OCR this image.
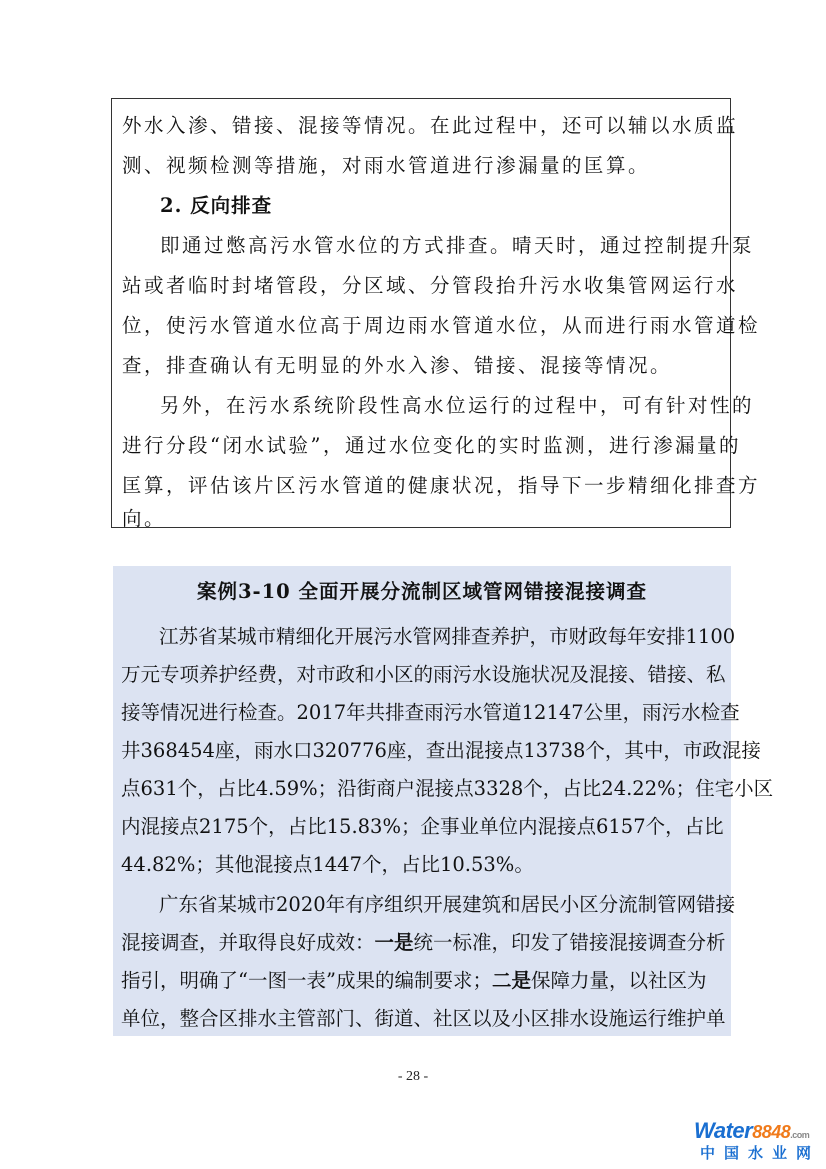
外水入渗、错接、混接等情况。在此过程中，还可以辅以水质监
测、视频检测等措施，对雨水管道进行渗漏量的匡算。
2. 反向排查
即通过憋高污水管水位的方式排查。晴天时，通过控制提升泵
站或者临时封堵管段，分区域、分管段抬升污水收集管网运行水
位，使污水管道水位高于周边雨水管道水位，从而进行雨水管道检
查，排查确认有无明显的外水入渗、错接、混接等情况。
另外，在污水系统阶段性高水位运行的过程中，可有针对性的
进行分段“闭水试验”，通过水位变化的实时监测，进行渗漏量的
匡算，评估该片区污水管道的健康状况，指导下一步精细化排查方
向。
案例3-10 全面开展分流制区域管网错接混接调查
江苏省某城市精细化开展污水管网排查养护，市财政每年安排1100
万元专项养护经费，对市政和小区的雨污水设施状况及混接、错接、私
接等情况进行检查。2017年共排查雨污水管道12147公里，雨污水检查
井368454座，雨水口320776座，查出混接点13738个，其中，市政混接
点631个，占比4.59%；沿街商户混接点3328个，占比24.22%；住宅小区
内混接点2175个，占比15.83%；企事业单位内混接点6157个，占比
44.82%；其他混接点1447个，占比10.53%。
广东省某城市2020年有序组织开展建筑和居民小区分流制管网错接
混接调查，并取得良好成效：一是统一标准，印发了错接混接调查分析
指引，明确了“一图一表”成果的编制要求；二是保障力量，以社区为
单位，整合区排水主管部门、街道、社区以及小区排水设施运行维护单
- 28 -
Water8848.com
中国水业网
